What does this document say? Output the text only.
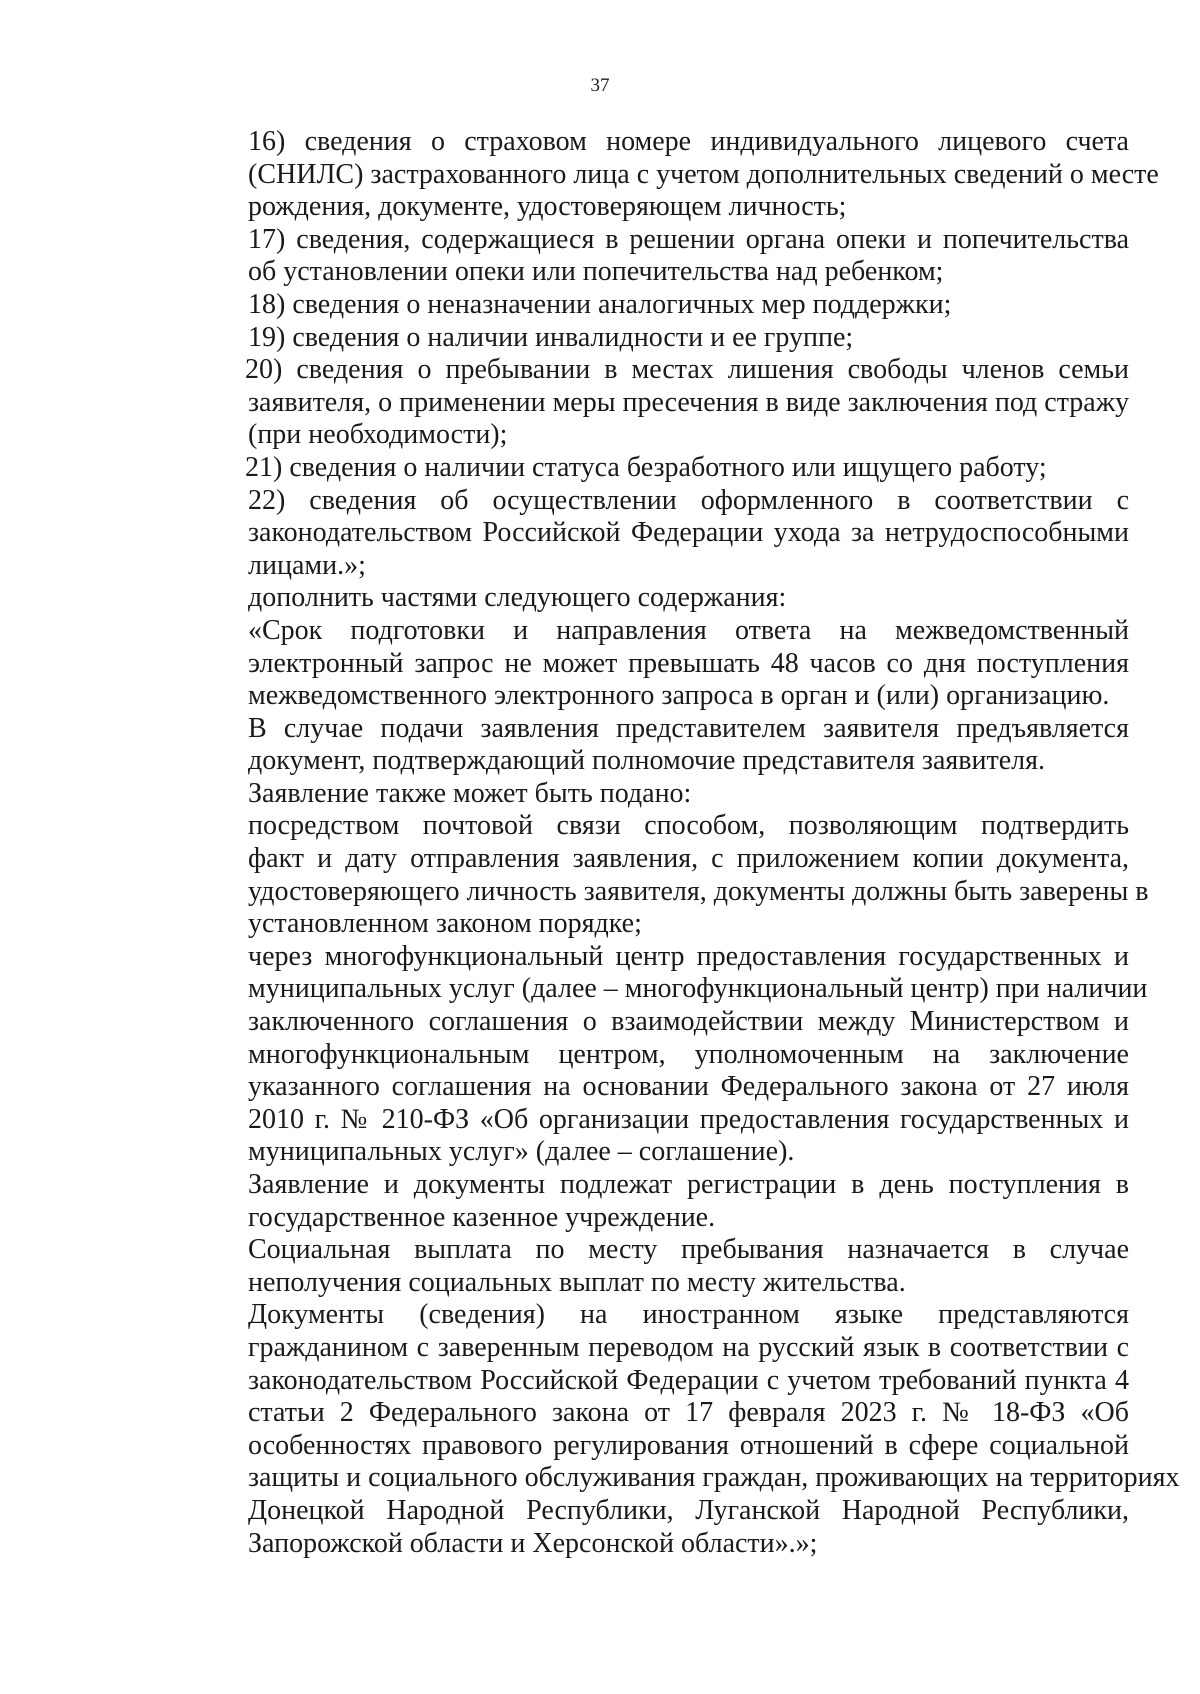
37

16) сведения о страховом номере индивидуального лицевого счета
(СНИЛС) застрахованного лица с учетом дополнительных сведений о месте
рождения, документе, удостоверяющем личность;

17) сведения, содержащиеся в решении органа опеки и попечительства
об установлении опеки или попечительства над ребенком;

18) сведения о неназначении аналогичных мер поддержки;

19) сведения о наличии инвалидности и ее группе;

20) сведения о пребывании в местах лишения свободы членов семьи
заявителя, о применении меры пресечения в виде заключения под стражу
(при необходимости);

21) сведения о наличии статуса безработного или ищущего работу;

22) сведения об осуществлении оформленного в соответствии с
законодательством Российской Федерации ухода за нетрудоспособными
лицами.»;

дополнить частями следующего содержания:

«Срок подготовки и направления ответа на межведомственный
электронный запрос не может превышать 48 часов со дня поступления
межведомственного электронного запроса в орган и (или) организацию.

В случае подачи заявления представителем заявителя предъявляется
документ, подтверждающий полномочие представителя заявителя.

Заявление также может быть подано:

посредством почтовой связи способом, позволяющим подтвердить
факт и дату отправления заявления, с приложением копии документа,
удостоверяющего личность заявителя, документы должны быть заверены в
установленном законом порядке;

через многофункциональный центр предоставления государственных и
муниципальных услуг (далее – многофункциональный центр) при наличии
заключенного соглашения о взаимодействии между Министерством и
многофункциональным центром, уполномоченным на заключение
указанного соглашения на основании Федерального закона от 27 июля
2010 г. № 210-ФЗ «Об организации предоставления государственных и
муниципальных услуг» (далее – соглашение).

Заявление и документы подлежат регистрации в день поступления в
государственное казенное учреждение.

Социальная выплата по месту пребывания назначается в случае
неполучения социальных выплат по месту жительства.

Документы (сведения) на иностранном языке представляются
гражданином с заверенным переводом на русский язык в соответствии с
законодательством Российской Федерации с учетом требований пункта 4
статьи 2 Федерального закона от 17 февраля 2023 г. № 18-ФЗ «Об
особенностях правового регулирования отношений в сфере социальной
защиты и социального обслуживания граждан, проживающих на территориях
Донецкой Народной Республики, Луганской Народной Республики,
Запорожской области и Херсонской области».»;
